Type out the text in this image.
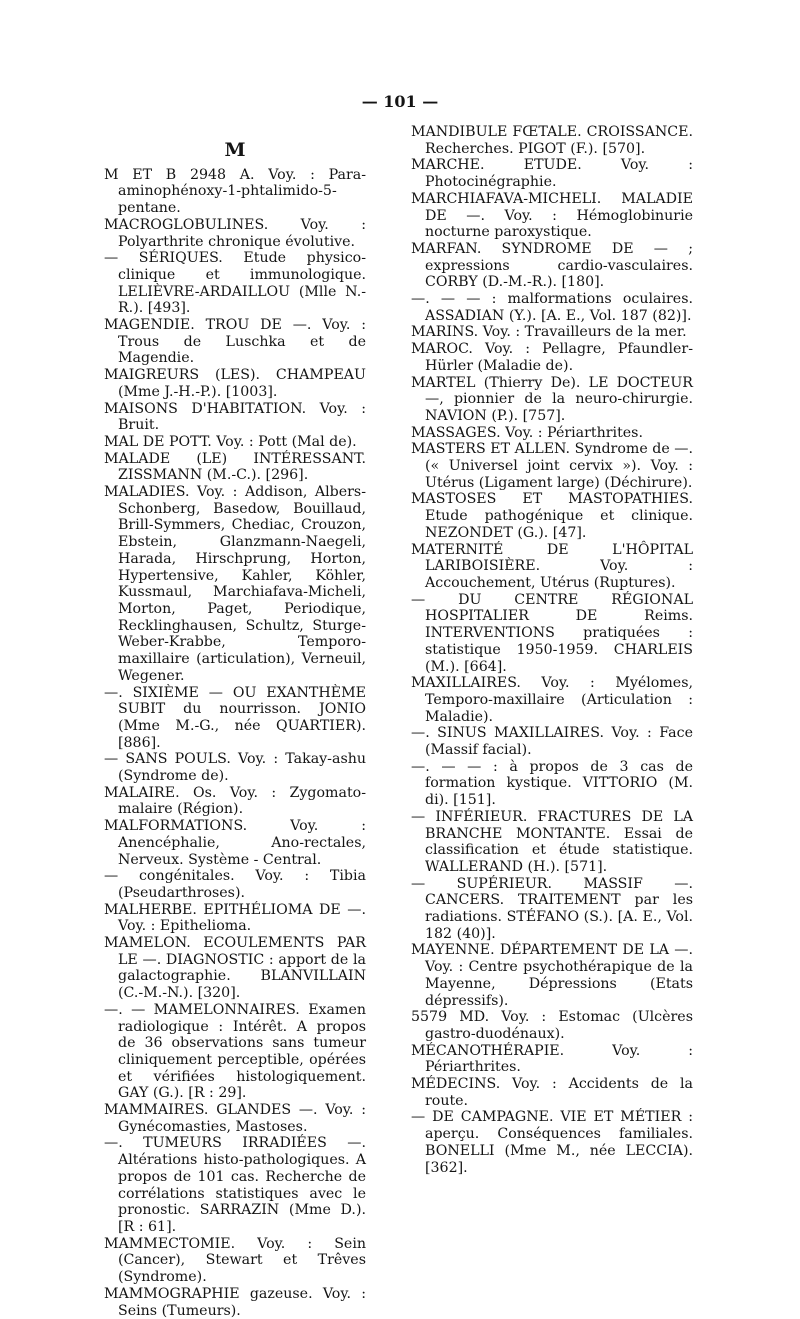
— 101 —
M

M ET B 2948 A. Voy. : Para-aminophénoxy-1-phtalimido-5-pentane.

MACROGLOBULINES. Voy. : Polyarthrite chronique évolutive.

— SÉRIQUES. Etude physico-clinique et immunologique. LELIÈVRE-ARDAILLOU (Mlle N.-R.). [493].

MAGENDIE. TROU DE —. Voy. : Trous de Luschka et de Magendie.

MAIGREURS (LES). CHAMPEAU (Mme J.-H.-P.). [1003].

MAISONS D'HABITATION. Voy. : Bruit.

MAL DE POTT. Voy. : Pott (Mal de).

MALADE (LE) INTÉRESSANT. ZISSMANN (M.-C.). [296].

MALADIES. Voy. : Addison, Albers-Schonberg, Basedow, Bouillaud, Brill-Symmers, Chediac, Crouzon, Ebstein, Glanzmann-Naegeli, Harada, Hirschprung, Horton, Hypertensive, Kahler, Köhler, Kussmaul, Marchiafava-Micheli, Morton, Paget, Periodique, Recklinghausen, Schultz, Sturge-Weber-Krabbe, Temporo-maxillaire (articulation), Verneuil, Wegener.

—. SIXIÈME — OU EXANTHÈME SUBIT du nourrisson. JONIO (Mme M.-G., née QUARTIER). [886].

— SANS POULS. Voy. : Takay-ashu (Syndrome de).

MALAIRE. Os. Voy. : Zygomato-malaire (Région).

MALFORMATIONS. Voy. : Anencéphalie, Ano-rectales, Nerveux. Système - Central.

— congénitales. Voy. : Tibia (Pseudarthroses).

MALHERBE. EPITHÉLIOMA DE —. Voy. : Epithelioma.

MAMELON. ECOULEMENTS PAR LE —. DIAGNOSTIC : apport de la galactographie. BLANVILLAIN (C.-M.-N.). [320].

—. — MAMELONNAIRES. Examen radiologique : Intérêt. A propos de 36 observations sans tumeur cliniquement perceptible, opérées et vérifiées histologiquement. GAY (G.). [R : 29].

MAMMAIRES. GLANDES —. Voy. : Gynécomasties, Mastoses.

—. TUMEURS IRRADIÉES —. Altérations histo-pathologiques. A propos de 101 cas. Recherche de corrélations statistiques avec le pronostic. SARRAZIN (Mme D.). [R : 61].

MAMMECTOMIE. Voy. : Sein (Cancer), Stewart et Trêves (Syndrome).

MAMMOGRAPHIE gazeuse. Voy. : Seins (Tumeurs).

MANDIBULE FŒTALE. CROISSANCE. Recherches. PIGOT (F.). [570].

MARCHE. ETUDE. Voy. : Photocinégraphie.

MARCHIAFAVA-MICHELI. MALADIE DE —. Voy. : Hémoglobinurie nocturne paroxystique.

MARFAN. SYNDROME DE — ; expressions cardio-vasculaires. CORBY (D.-M.-R.). [180].

—. — — : malformations oculaires. ASSADIAN (Y.). [A. E., Vol. 187 (82)].

MARINS. Voy. : Travailleurs de la mer.

MAROC. Voy. : Pellagre, Pfaundler-Hürler (Maladie de).

MARTEL (Thierry De). LE DOCTEUR —, pionnier de la neuro-chirurgie. NAVION (P.). [757].

MASSAGES. Voy. : Périarthrites.

MASTERS ET ALLEN. Syndrome de —. (« Universel joint cervix »). Voy. : Utérus (Ligament large) (Déchirure).

MASTOSES ET MASTOPATHIES. Etude pathogénique et clinique. NEZONDET (G.). [47].

MATERNITÉ DE L'HÔPITAL LARIBOISIÈRE. Voy. : Accouchement, Utérus (Ruptures).

— DU CENTRE RÉGIONAL HOSPITALIER DE Reims. INTERVENTIONS pratiquées : statistique 1950-1959. CHARLEIS (M.). [664].

MAXILLAIRES. Voy. : Myélomes, Temporo-maxillaire (Articulation : Maladie).

—. SINUS MAXILLAIRES. Voy. : Face (Massif facial).

—. — — : à propos de 3 cas de formation kystique. VITTORIO (M. di). [151].

— INFÉRIEUR. FRACTURES DE LA BRANCHE MONTANTE. Essai de classification et étude statistique. WALLERAND (H.). [571].

— SUPÉRIEUR. MASSIF —. CANCERS. TRAITEMENT par les radiations. STÉFANO (S.). [A. E., Vol. 182 (40)].

MAYENNE. DÉPARTEMENT DE LA —. Voy. : Centre psychothérapique de la Mayenne, Dépressions (Etats dépressifs).

5579 MD. Voy. : Estomac (Ulcères gastro-duodénaux).

MÉCANOTHÉRAPIE. Voy. : Périarthrites.

MÉDECINS. Voy. : Accidents de la route.

— DE CAMPAGNE. VIE ET MÉTIER : aperçu. Conséquences familiales. BONELLI (Mme M., née LECCIA). [362].
